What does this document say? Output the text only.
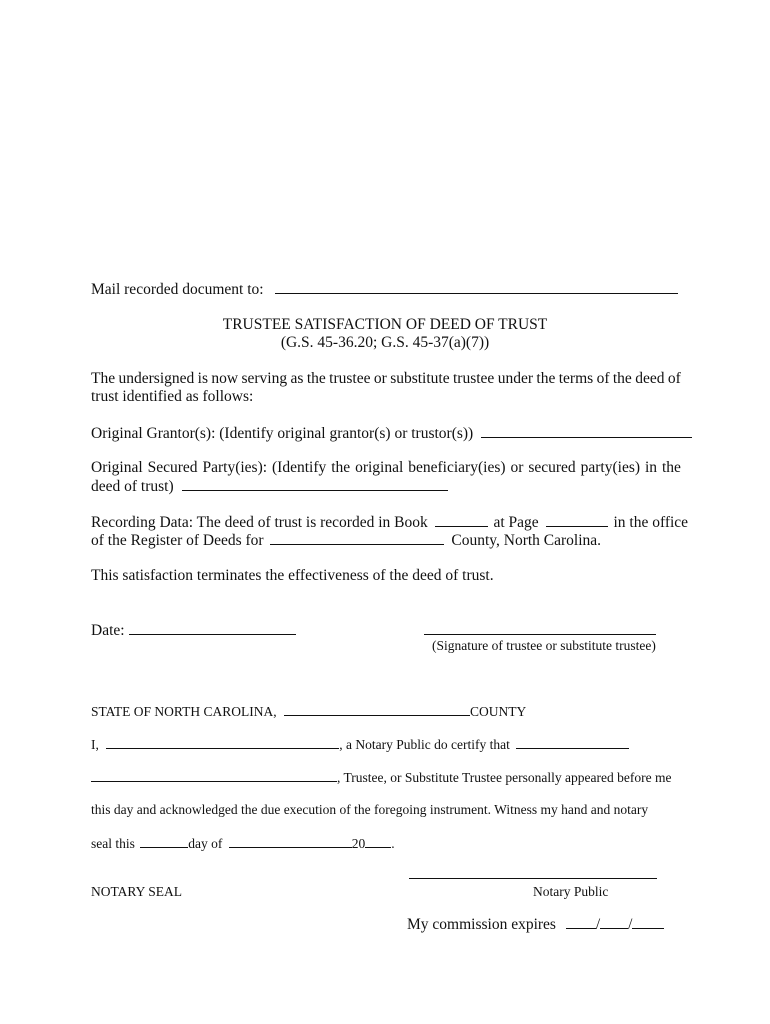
Mail recorded document to:
TRUSTEE SATISFACTION OF DEED OF TRUST
(G.S. 45-36.20; G.S. 45-37(a)(7))
The undersigned is now serving as the trustee or substitute trustee under the terms of the deed of
trust identified as follows:
Original Grantor(s): (Identify original grantor(s) or trustor(s))
Original Secured Party(ies): (Identify the original beneficiary(ies) or secured party(ies) in the
deed of trust)
Recording Data: The deed of trust is recorded in Book	at Page	in the office
of the Register of Deeds for	County, North Carolina.
This satisfaction terminates the effectiveness of the deed of trust.
Date:
(Signature of trustee or substitute trustee)
STATE OF NORTH CAROLINA,	COUNTY
I,	, a Notary Public do certify that
, Trustee, or Substitute Trustee personally appeared before me
this day and acknowledged the due execution of the foregoing instrument. Witness my hand and notary
seal this	day of	20 .
NOTARY SEAL	Notary Public
My commission expires	/ /
